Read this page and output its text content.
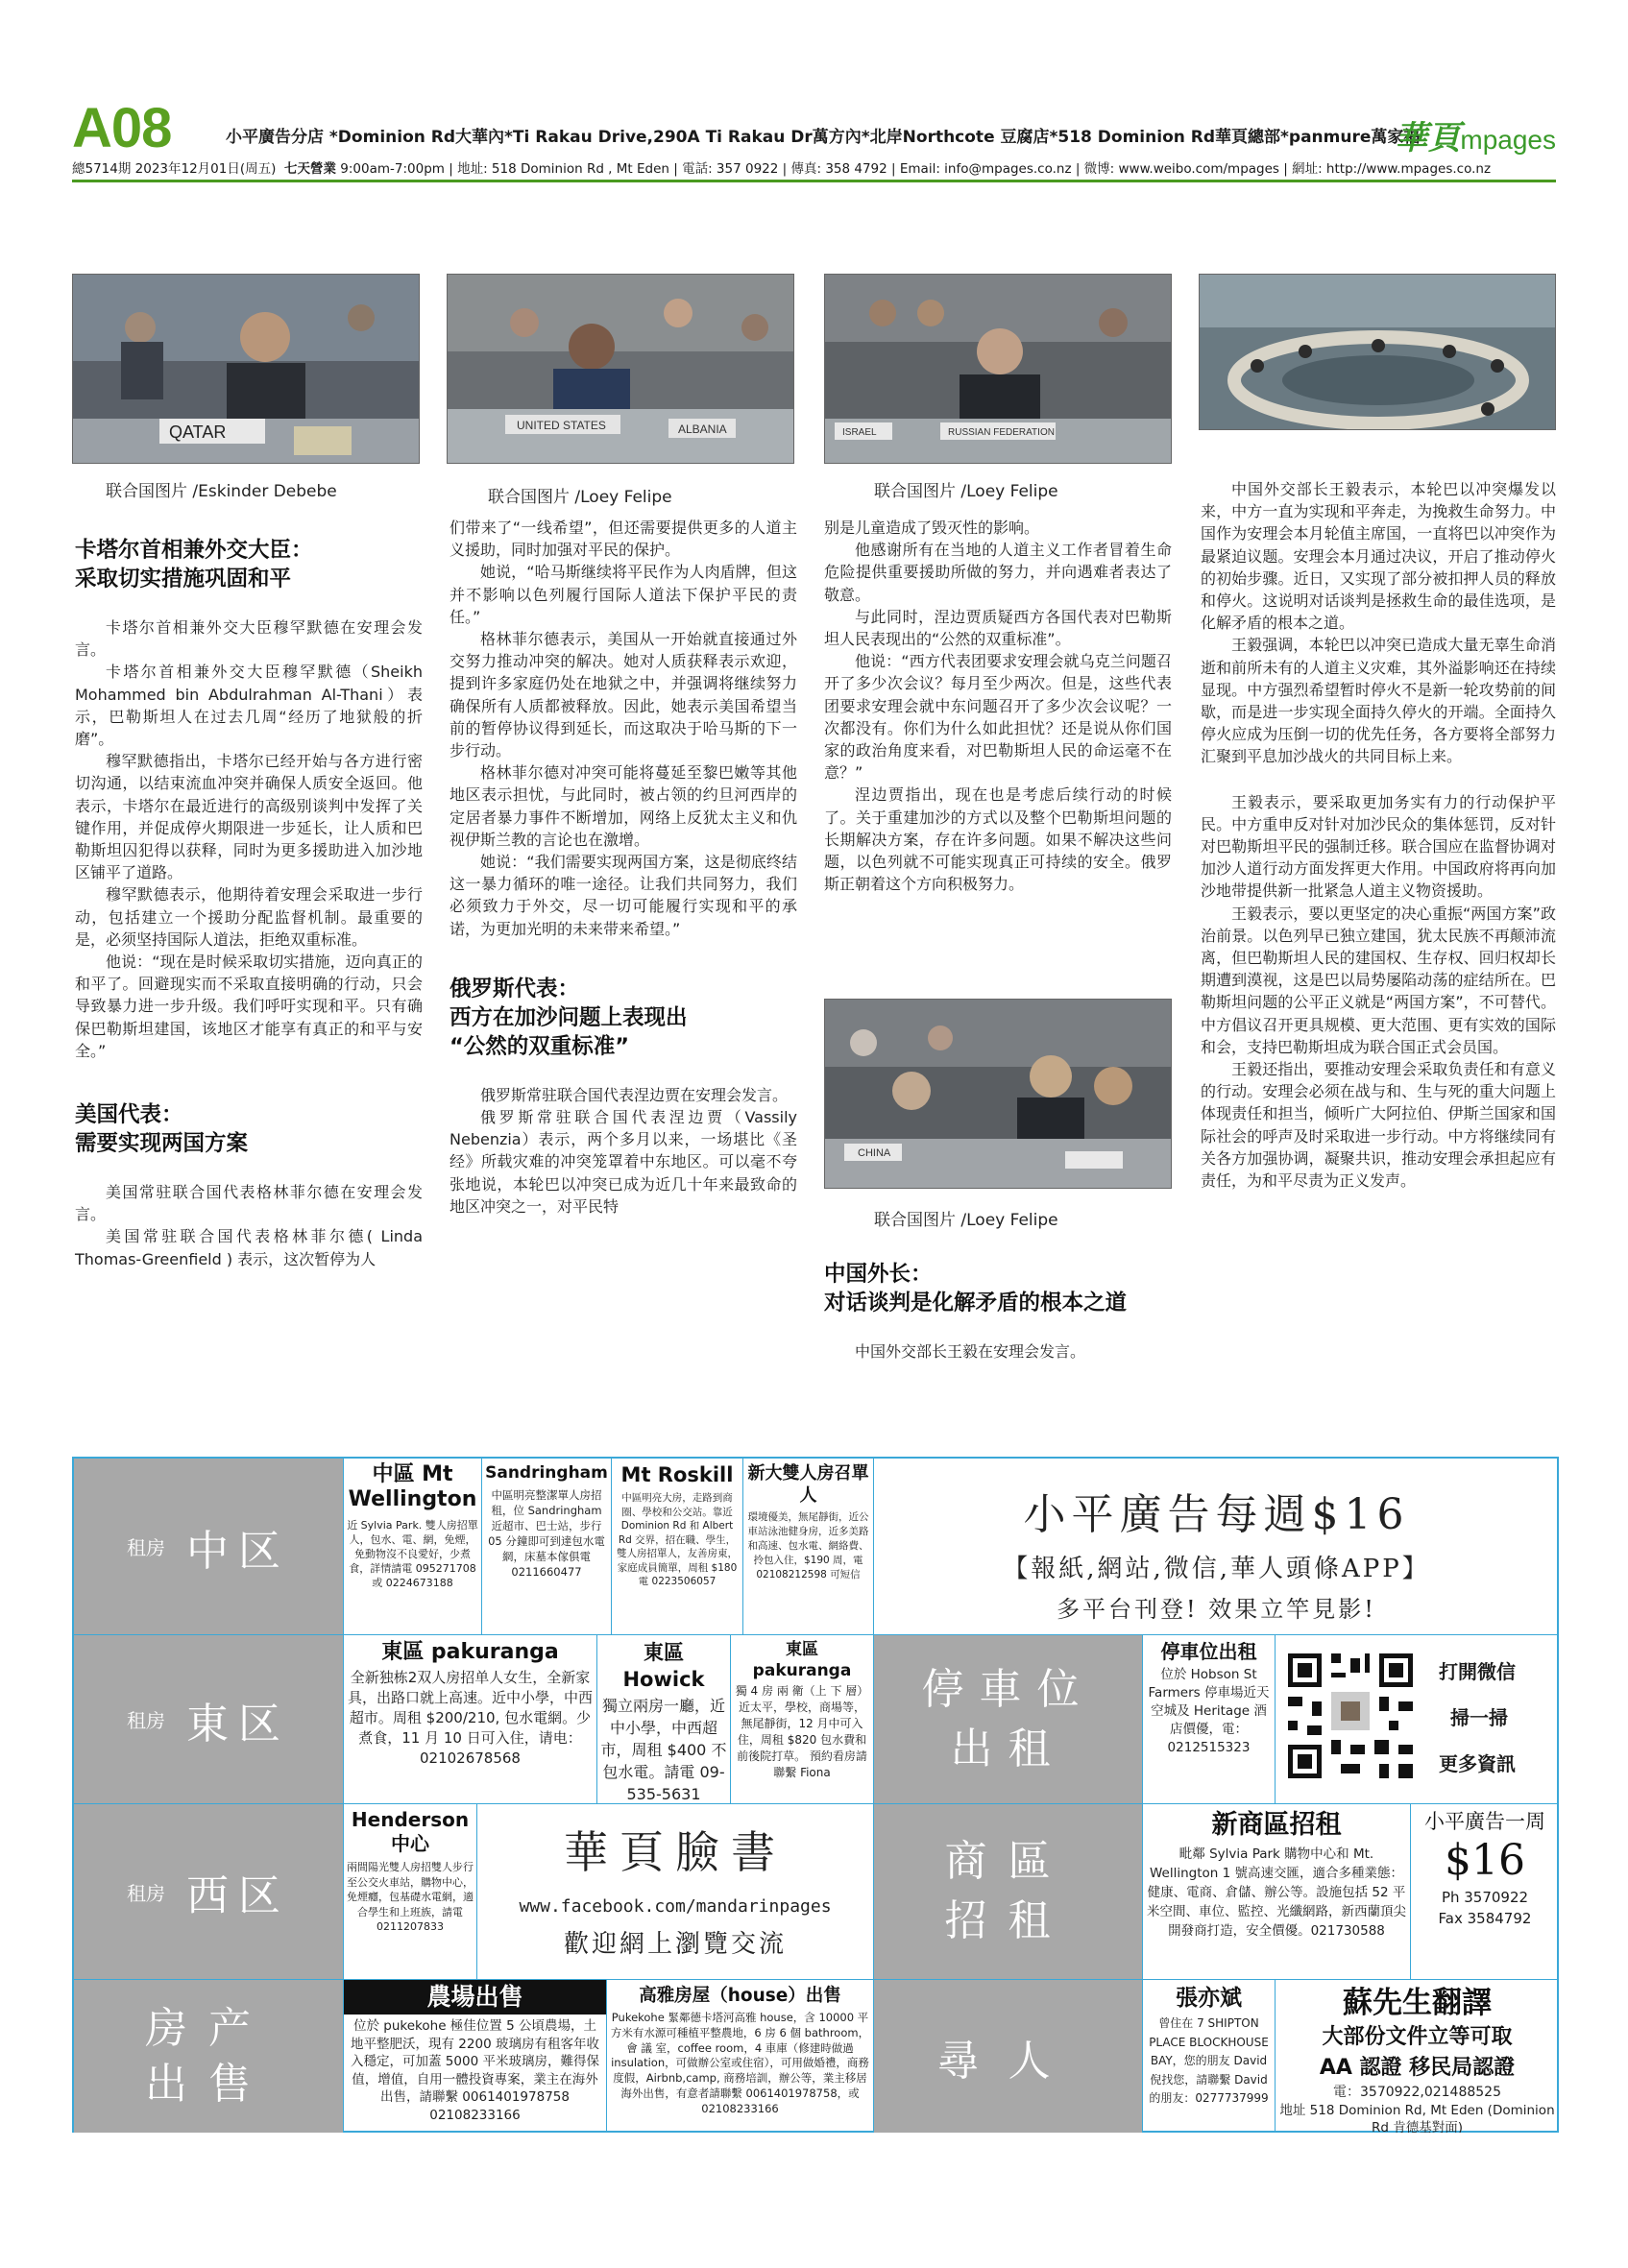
A08	小平廣告分店 *Dominion Rd大華內*Ti Rakau Drive,290A Ti Rakau Dr萬方內*北岸Northcote 豆腐店*518 Dominion Rd華頁總部*panmure萬家福
總5714期 2023年12月01日(周五) 七天營業 9:00am-7:00pm | 地址: 518 Dominion Rd , Mt Eden | 電話: 357 0922 | 傳真: 358 4792 | Email: info@mpages.co.nz | 微博: www.weibo.com/mpages | 網址: http://www.mpages.co.nz
華頁mpages
QATAR
联合国图片 /Eskinder Debebe
UNITED STATES	ALBANIA
联合国图片 /Loey Felipe
RUSSIAN FEDERATION
ISRAEL
联合国图片 /Loey Felipe
CHINA
联合国图片 /Loey Felipe
卡塔尔首相兼外交大臣：
采取切实措施巩固和平

卡塔尔首相兼外交大臣穆罕默德在安理会发言。

卡塔尔首相兼外交大臣穆罕默德（Sheikh Mohammed bin Abdulrahman Al-Thani）表示，巴勒斯坦人在过去几周“经历了地狱般的折磨”。

穆罕默德指出，卡塔尔已经开始与各方进行密切沟通，以结束流血冲突并确保人质安全返回。他表示，卡塔尔在最近进行的高级别谈判中发挥了关键作用，并促成停火期限进一步延长，让人质和巴勒斯坦囚犯得以获释，同时为更多援助进入加沙地区铺平了道路。

穆罕默德表示，他期待着安理会采取进一步行动，包括建立一个援助分配监督机制。最重要的是，必须坚持国际人道法，拒绝双重标准。

他说：“现在是时候采取切实措施，迈向真正的和平了。回避现实而不采取直接明确的行动，只会导致暴力进一步升级。我们呼吁实现和平。只有确保巴勒斯坦建国，该地区才能享有真正的和平与安全。”

美国代表：
需要实现两国方案

美国常驻联合国代表格林菲尔德在安理会发言。

美国常驻联合国代表格林菲尔德( Linda Thomas-Greenfield ) 表示，这次暂停为人

们带来了“一线希望”，但还需要提供更多的人道主义援助，同时加强对平民的保护。

她说，“哈马斯继续将平民作为人肉盾牌，但这并不影响以色列履行国际人道法下保护平民的责任。”

格林菲尔德表示，美国从一开始就直接通过外交努力推动冲突的解决。她对人质获释表示欢迎，提到许多家庭仍处在地狱之中，并强调将继续努力确保所有人质都被释放。因此，她表示美国希望当前的暂停协议得到延长，而这取决于哈马斯的下一步行动。

格林菲尔德对冲突可能将蔓延至黎巴嫩等其他地区表示担忧，与此同时，被占领的约旦河西岸的定居者暴力事件不断增加，网络上反犹太主义和仇视伊斯兰教的言论也在激增。

她说：“我们需要实现两国方案，这是彻底终结这一暴力循环的唯一途径。让我们共同努力，我们必须致力于外交，尽一切可能履行实现和平的承诺，为更加光明的未来带来希望。”

俄罗斯代表：
西方在加沙问题上表现出
“公然的双重标准”

俄罗斯常驻联合国代表涅边贾在安理会发言。

俄罗斯常驻联合国代表涅边贾（Vassily Nebenzia）表示，两个多月以来，一场堪比《圣经》所载灾难的冲突笼罩着中东地区。可以毫不夸张地说，本轮巴以冲突已成为近几十年来最致命的地区冲突之一，对平民特

别是儿童造成了毁灭性的影响。

他感谢所有在当地的人道主义工作者冒着生命危险提供重要援助所做的努力，并向遇难者表达了敬意。

与此同时，涅边贾质疑西方各国代表对巴勒斯坦人民表现出的“公然的双重标准”。

他说：“西方代表团要求安理会就乌克兰问题召开了多少次会议？每月至少两次。但是，这些代表团要求安理会就中东问题召开了多少次会议呢？一次都没有。你们为什么如此担忧？还是说从你们国家的政治角度来看，对巴勒斯坦人民的命运毫不在意？”

涅边贾指出，现在也是考虑后续行动的时候了。关于重建加沙的方式以及整个巴勒斯坦问题的长期解决方案，存在许多问题。如果不解决这些问题，以色列就不可能实现真正可持续的安全。俄罗斯正朝着这个方向积极努力。

中国外长：
对话谈判是化解矛盾的根本之道

中国外交部长王毅在安理会发言。

中国外交部长王毅表示，本轮巴以冲突爆发以来，中方一直为实现和平奔走，为挽救生命努力。中国作为安理会本月轮值主席国，一直将巴以冲突作为最紧迫议题。安理会本月通过决议，开启了推动停火的初始步骤。近日，又实现了部分被扣押人员的释放和停火。这说明对话谈判是拯救生命的最佳选项，是化解矛盾的根本之道。

王毅强调，本轮巴以冲突已造成大量无辜生命消逝和前所未有的人道主义灾难，其外溢影响还在持续显现。中方强烈希望暂时停火不是新一轮攻势前的间歇，而是进一步实现全面持久停火的开端。全面持久停火应成为压倒一切的优先任务，各方要将全部努力汇聚到平息加沙战火的共同目标上来。

王毅表示，要采取更加务实有力的行动保护平民。中方重申反对针对加沙民众的集体惩罚，反对针对巴勒斯坦平民的强制迁移。联合国应在监督协调对加沙人道行动方面发挥更大作用。中国政府将再向加沙地带提供新一批紧急人道主义物资援助。

王毅表示，要以更坚定的决心重振“两国方案”政治前景。以色列早已独立建国，犹太民族不再颠沛流离，但巴勒斯坦人民的建国权、生存权、回归权却长期遭到漠视，这是巴以局势屡陷动荡的症结所在。巴勒斯坦问题的公平正义就是“两国方案”，不可替代。中方倡议召开更具规模、更大范围、更有实效的国际和会，支持巴勒斯坦成为联合国正式会员国。

王毅还指出，要推动安理会采取负责任和有意义的行动。安理会必须在战与和、生与死的重大问题上体现责任和担当，倾听广大阿拉伯、伊斯兰国家和国际社会的呼声及时采取进一步行动。中方将继续同有关各方加强协调，凝聚共识，推动安理会承担起应有责任，为和平尽责为正义发声。

租房 中区
中區 Mt Wellington
近 Sylvia Park. 雙人房招單人，包水、電、網，免煙，免動物沒不良愛好，少煮食，詳情請電 095271708 或 0224673188
Sandringham
中區明亮整潔單人房招租，位 Sandringham 近超市、巴士站，步行 05 分鐘即可到達包水電網，床墓本傢俱電 0211660477
Mt Roskill
中區明亮大房，走路到商圈、學校和公交站。靠近 Dominion Rd 和 Albert Rd 交界，招在職、學生，雙人房招單人，友善房東，家庭成員簡單，周租 $180 電 0223506057
新大雙人房召單人
環境優美，無尾靜街，近公車站泳池健身房，近多美路和高速、包水電、網絡費、拎包入住，$190 周，電 02108212598 可短信
小平廣告每週$16
【報紙,網站,微信,華人頭條APP】
多平台刊登! 效果立竿見影!
租房 東区
東區 pakuranga
全新独栋2双人房招单人女生，全新家具，出路口就上高速。近中小學，中西超市。周租 $200/210, 包水電網。少煮食，11 月 10 日可入住，请电：02102678568
東區 Howick
獨立兩房一廳，近中小學，中西超市，周租 $400 不包水電。請電 09-535-5631
東區 pakuranga
獨 4 房 兩 衛（上 下 層）近太平，學校，商場等，無尾靜街，12 月中可入住，周租 $820 包水費和前後院打草。 預約看房請聯繫 Fiona
停車位出租
停車位出租
位於 Hobson St Farmers 停車場近天空城及 Heritage 酒店價優，電：0212515323
打開微信
掃一掃
更多資訊
租房 西区
Henderson 中心
兩間陽光雙人房招雙人步行至公交火車站，購物中心，免煙癮，包基礎水電網，適合學生和上班族，請電 0211207833
華頁臉書
www.facebook.com/mandarinpages
歡迎網上瀏覽交流
商區招租
新商區招租
毗鄰 Sylvia Park 購物中心和 Mt. Wellington 1 號高速交匯，適合多種業態：健康、電商、倉儲、辦公等。設施包括 52 平米空間、車位、監控、光纖網路，新西蘭頂尖開發商打造，安全價優。021730588
小平廣告一周
$16
Ph 3570922
Fax 3584792
房产出售
農場出售
位於 pukekohe 極佳位置 5 公頃農場，土地平整肥沃，現有 2200 玻璃房有租客年收入穩定，可加蓋 5000 平米玻璃房，難得保值，增值，自用一體投資專案，業主在海外出售，請聯繫 0061401978758 02108233166
高雅房屋（house）出售
Pukekohe 緊鄰德卡塔河高雅 house，含 10000 平方米有水源可種植平整農地，6 房 6 個 bathroom，會 議 室，coffee room，4 車庫（修建時做過 insulation，可做辦公室或住宿），可用做婚禮，商務度假，Airbnb,camp, 商務培訓，辦公等，業主移居海外出售，有意者請聯繫 0061401978758，或 02108233166
尋人
張亦斌
曾住在 7 SHIPTON PLACE BLOCKHOUSE BAY，您的朋友 David 倪找您，請聯繫 David 的朋友：0277737999
蘇先生翻譯
大部份文件立等可取
AA 認證 移民局認證
電：3570922,021488525
地址 518 Dominion Rd, Mt Eden (Dominion Rd 肯德基對面)
